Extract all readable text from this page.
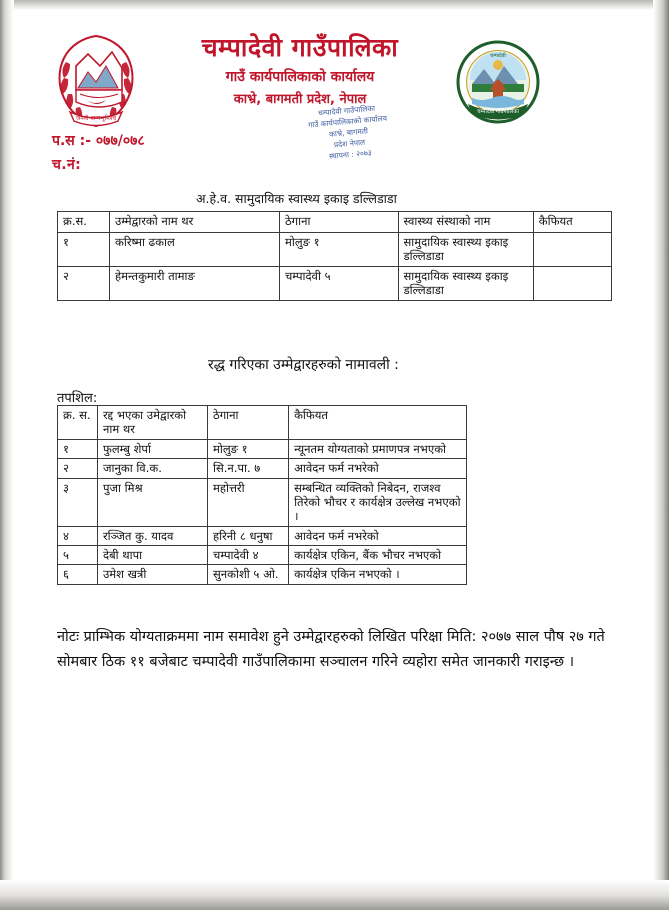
जननी जन्मभूमिश्च
चम्पादेवी गाउँपालिका
गाउँ कार्यपालिकाको कार्यालय
काभ्रे, बागमती प्रदेश, नेपाल
चम्पादेवी गाउँपालिका
चम्पादेवी
प.स :- ०७७/०७८
च.नं:
चम्पादेवी गाउँपालिका
गाउँ कार्यपालिकाको कार्यालय
काभ्रे, बागमती
प्रदेश नेपाल
स्थापना : २०७३
अ.हे.व. सामुदायिक स्वास्थ्य इकाइ डल्लिडाडा
क्र.स.	उम्मेद्वारको नाम थर	ठेगाना	स्वास्थ्य संस्थाको नाम	कैफियत
१	करिष्मा ढकाल	मोलुङ १	सामुदायिक स्वास्थ्य इकाइ डल्लिडाडा	
२	हेमन्तकुमारी तामाङ	चम्पादेवी ५	सामुदायिक स्वास्थ्य इकाइ डल्लिडाडा	
रद्ध गरिएका उम्मेद्वारहरुको नामावली :
तपशिल:
क्र. स.	रद्द भएका उमेद्वारको नाम थर	ठेगाना	कैफियत
१	फुलम्बु शेर्पा	मोलुङ १	न्यूनतम योग्यताको प्रमाणपत्र नभएको
२	जानुका वि.क.	सि.न.पा. ७	आवेदन फर्म नभरेको
३	पुजा मिश्र	महोत्तरी	सम्बन्धित व्यक्तिको निबेदन, राजश्व तिरेको भौचर र कार्यक्षेत्र उल्लेख नभएको ।
४	रञ्जित कु. यादव	हरिनी ८ धनुषा	आवेदन फर्म नभरेको
५	देबी थापा	चम्पादेवी ४	कार्यक्षेत्र एकिन, बैंक भौचर नभएको
६	उमेश खत्री	सुनकोशी ५ ओ.	कार्यक्षेत्र एकिन नभएको ।
नोटः प्राम्भिक योग्यताक्रममा नाम समावेश हुने उम्मेद्वारहरुको लिखित परिक्षा मिति: २०७७ साल पौष २७ गते सोमबार ठिक ११ बजेबाट चम्पादेवी गाउँपालिकामा सञ्चालन गरिने व्यहोरा समेत जानकारी गराइन्छ ।
